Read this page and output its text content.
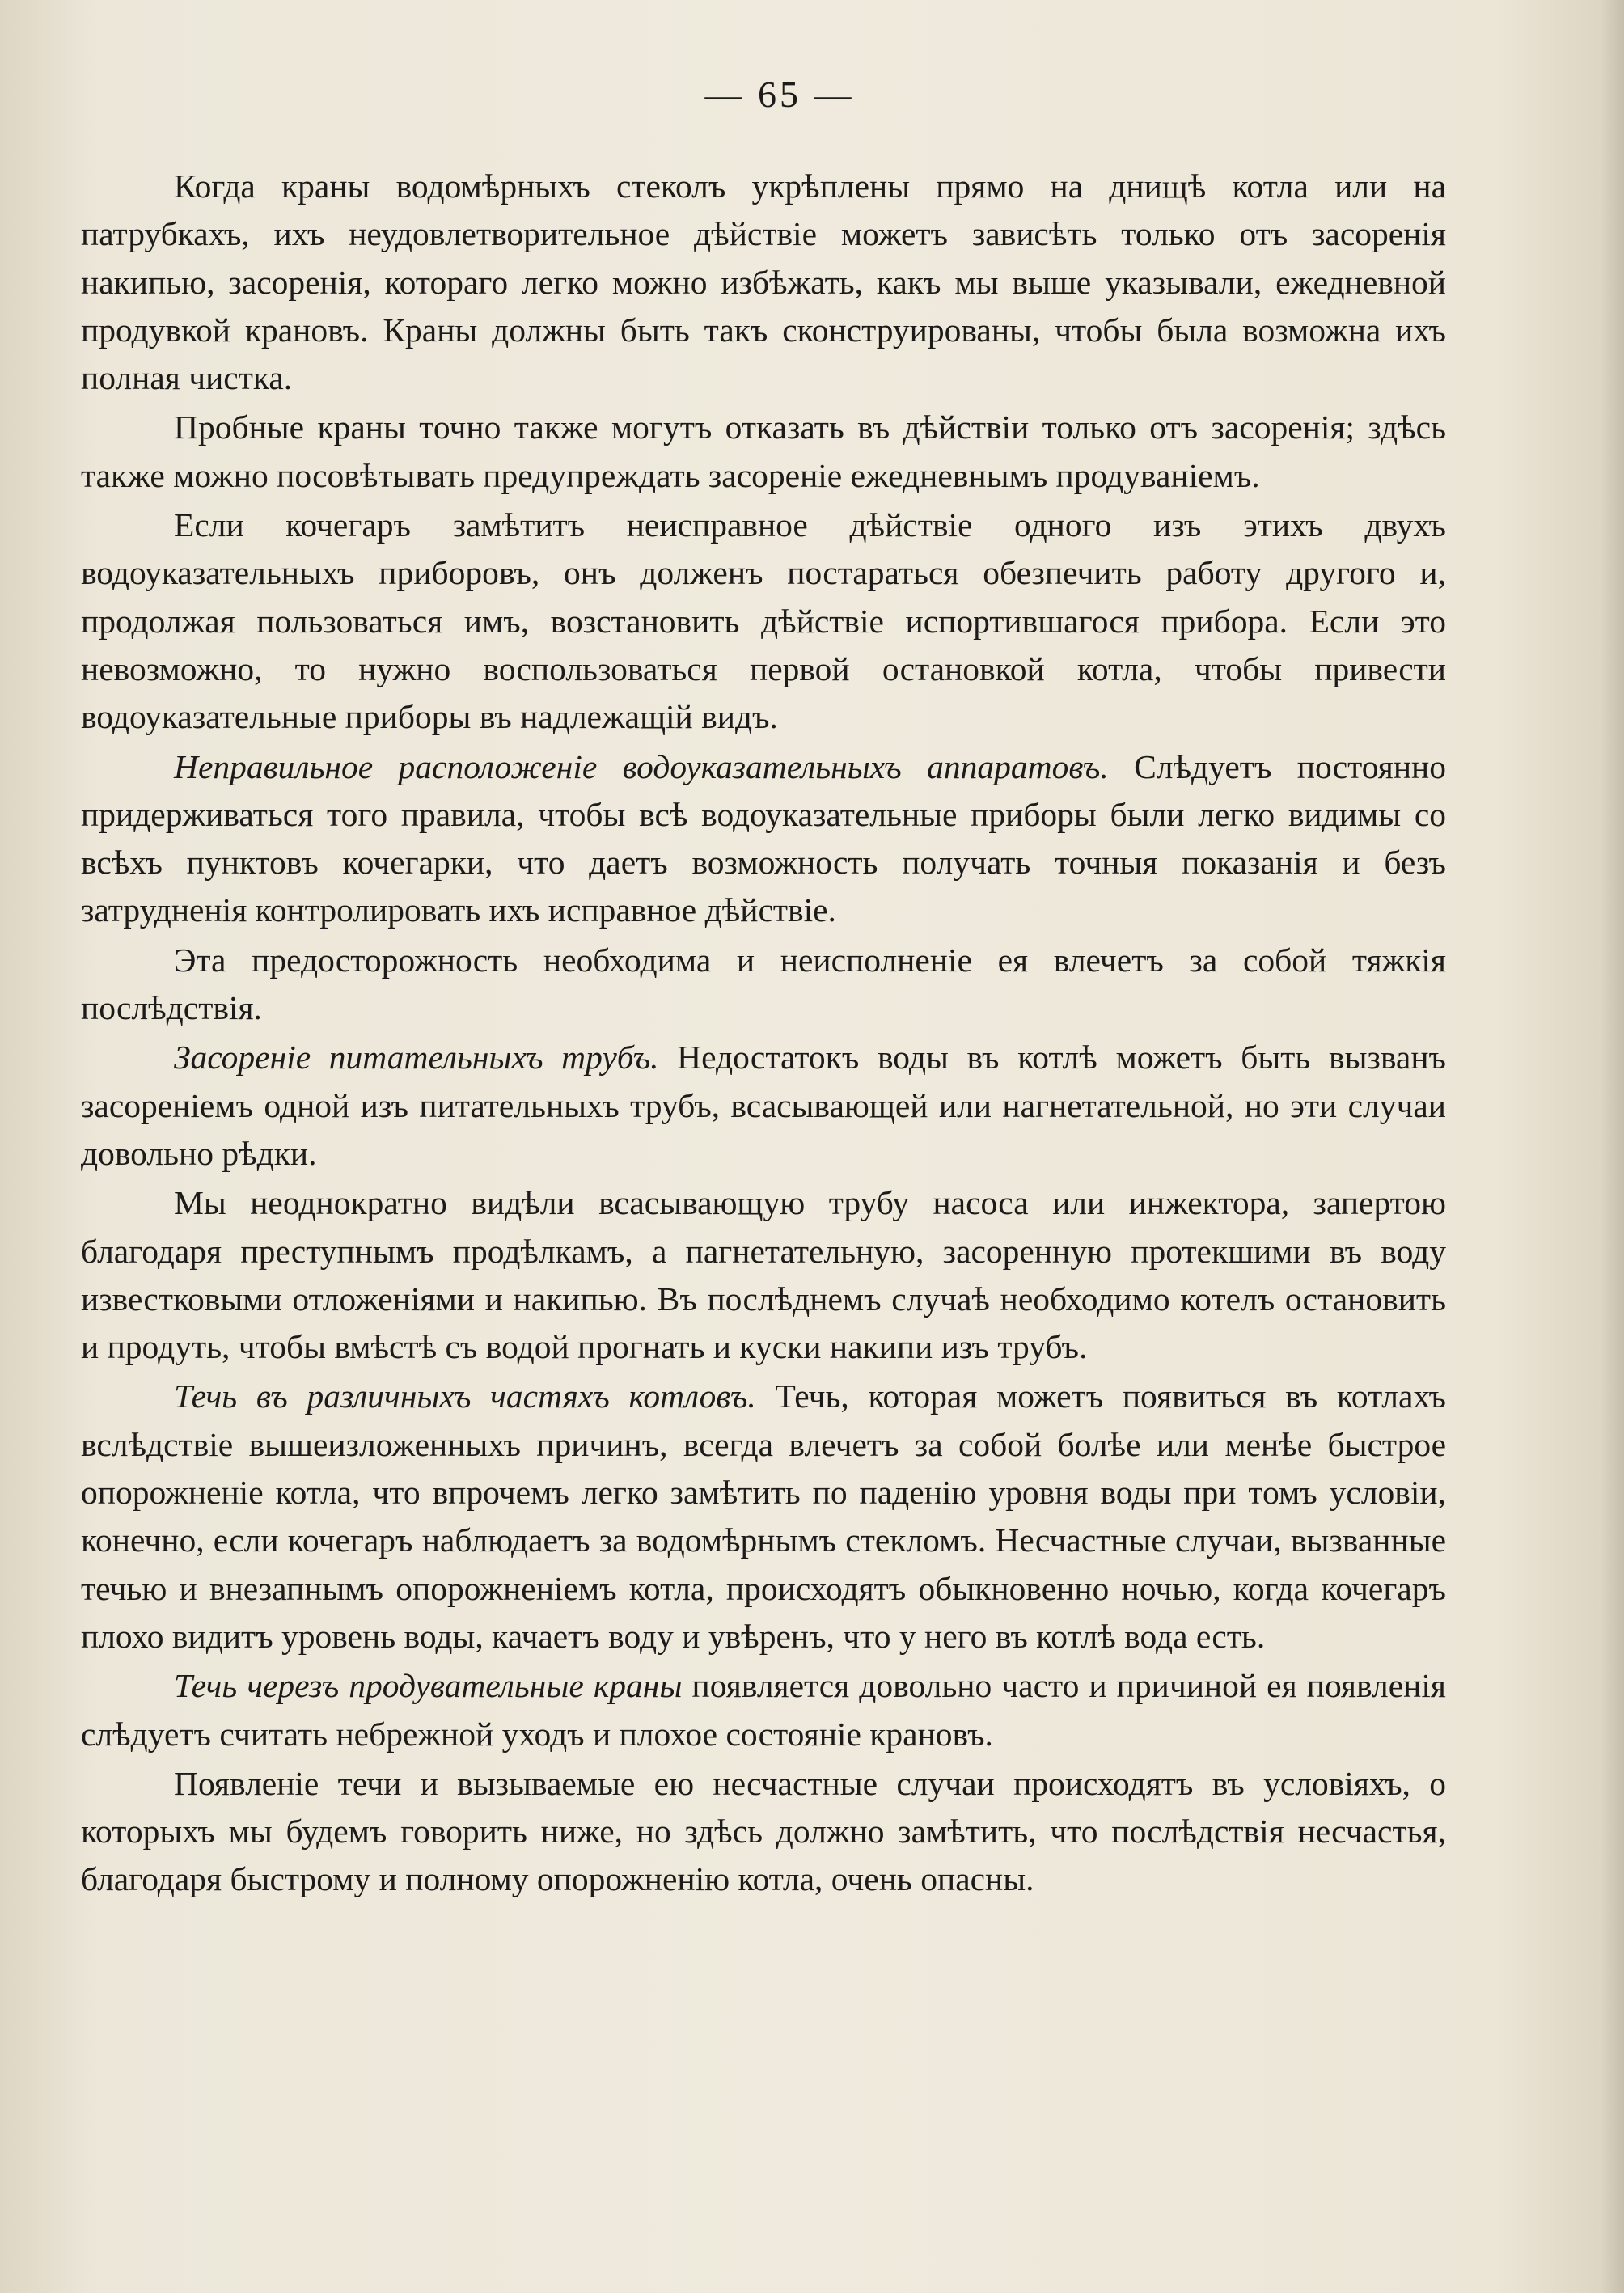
— 65 —

Когда краны водомѣрныхъ стеколъ укрѣплены прямо на днищѣ котла или на патрубкахъ, ихъ неудовлетворительное дѣйствіе можетъ зависѣть только отъ засоренія накипью, засоренія, котораго легко можно избѣжать, какъ мы выше указывали, ежедневной продувкой крановъ. Краны должны быть такъ сконструированы, чтобы была возможна ихъ полная чистка.

Пробные краны точно также могутъ отказать въ дѣйствіи только отъ засоренія; здѣсь также можно посовѣтывать предупреждать засореніе ежедневнымъ продуваніемъ.

Если кочегаръ замѣтитъ неисправное дѣйствіе одного изъ этихъ двухъ водоуказательныхъ приборовъ, онъ долженъ постараться обезпечить работу другого и, продолжая пользоваться имъ, возстановить дѣйствіе испортившагося прибора. Если это невозможно, то нужно воспользоваться первой остановкой котла, чтобы привести водоуказательные приборы въ надлежащій видъ.

Неправильное расположеніе водоуказательныхъ аппаратовъ. Слѣдуетъ постоянно придерживаться того правила, чтобы всѣ водоуказательные приборы были легко видимы со всѣхъ пунктовъ кочегарки, что даетъ возможность получать точныя показанія и безъ затрудненія контролировать ихъ исправное дѣйствіе.

Эта предосторожность необходима и неисполненіе ея влечетъ за собой тяжкія послѣдствія.

Засореніе питательныхъ трубъ. Недостатокъ воды въ котлѣ можетъ быть вызванъ засореніемъ одной изъ питательныхъ трубъ, всасывающей или нагнетательной, но эти случаи довольно рѣдки.

Мы неоднократно видѣли всасывающую трубу насоса или инжектора, запертою благодаря преступнымъ продѣлкамъ, а пагнетательную, засоренную протекшими въ воду известковыми отложеніями и накипью. Въ послѣднемъ случаѣ необходимо котелъ остановить и продуть, чтобы вмѣстѣ съ водой прогнать и куски накипи изъ трубъ.

Течь въ различныхъ частяхъ котловъ. Течь, которая можетъ появиться въ котлахъ вслѣдствіе вышеизложенныхъ причинъ, всегда влечетъ за собой болѣе или менѣе быстрое опорожненіе котла, что впрочемъ легко замѣтить по паденію уровня воды при томъ условіи, конечно, если кочегаръ наблюдаетъ за водомѣрнымъ стекломъ. Несчастные случаи, вызванные течью и внезапнымъ опорожненіемъ котла, происходятъ обыкновенно ночью, когда кочегаръ плохо видитъ уровень воды, качаетъ воду и увѣренъ, что у него въ котлѣ вода есть.

Течь черезъ продувательные краны появляется довольно часто и причиной ея появленія слѣдуетъ считать небрежной уходъ и плохое состояніе крановъ.

Появленіе течи и вызываемые ею несчастные случаи происходятъ въ условіяхъ, о которыхъ мы будемъ говорить ниже, но здѣсь должно замѣтить, что послѣдствія несчастья, благодаря быстрому и полному опорожненію котла, очень опасны.
